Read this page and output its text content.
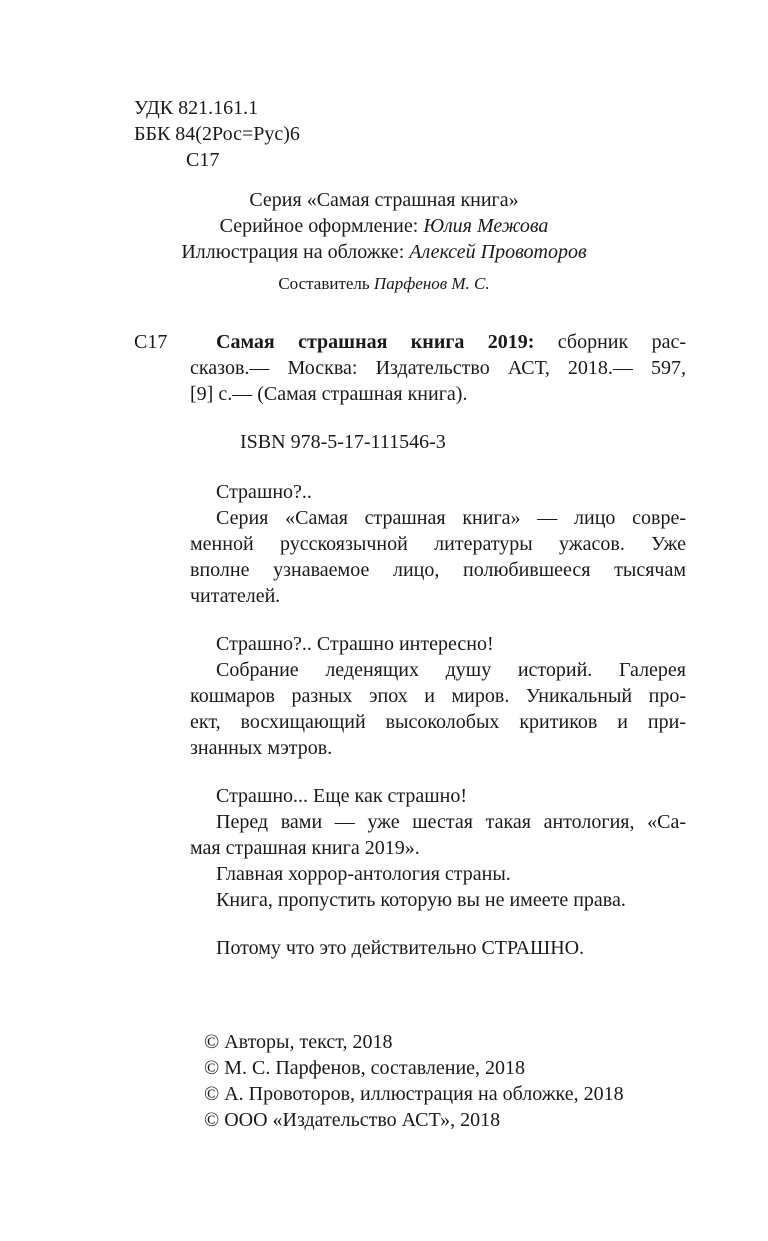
УДК 821.161.1
ББК 84(2Рос=Рус)6
С17
Серия «Самая страшная книга»
Серийное оформление: Юлия Межова
Иллюстрация на обложке: Алексей Провоторов
Составитель Парфенов М. С.
С17 Самая страшная книга 2019: сборник рас-
сказов.— Москва: Издательство АСТ, 2018.— 597,
[9] с.— (Самая страшная книга).
ISBN 978-5-17-111546-3
Страшно?..
Серия «Самая страшная книга» — лицо совре-
менной русскоязычной литературы ужасов. Уже
вполне узнаваемое лицо, полюбившееся тысячам
читателей.
Страшно?.. Страшно интересно!
Собрание леденящих душу историй. Галерея
кошмаров разных эпох и миров. Уникальный про-
ект, восхищающий высоколобых критиков и при-
знанных мэтров.
Страшно... Еще как страшно!
Перед вами — уже шестая такая антология, «Са-
мая страшная книга 2019».
Главная хоррор-антология страны.
Книга, пропустить которую вы не имеете права.
Потому что это действительно СТРАШНО.
© Авторы, текст, 2018
© М. С. Парфенов, составление, 2018
© А. Провоторов, иллюстрация на обложке, 2018
© ООО «Издательство АСТ», 2018
